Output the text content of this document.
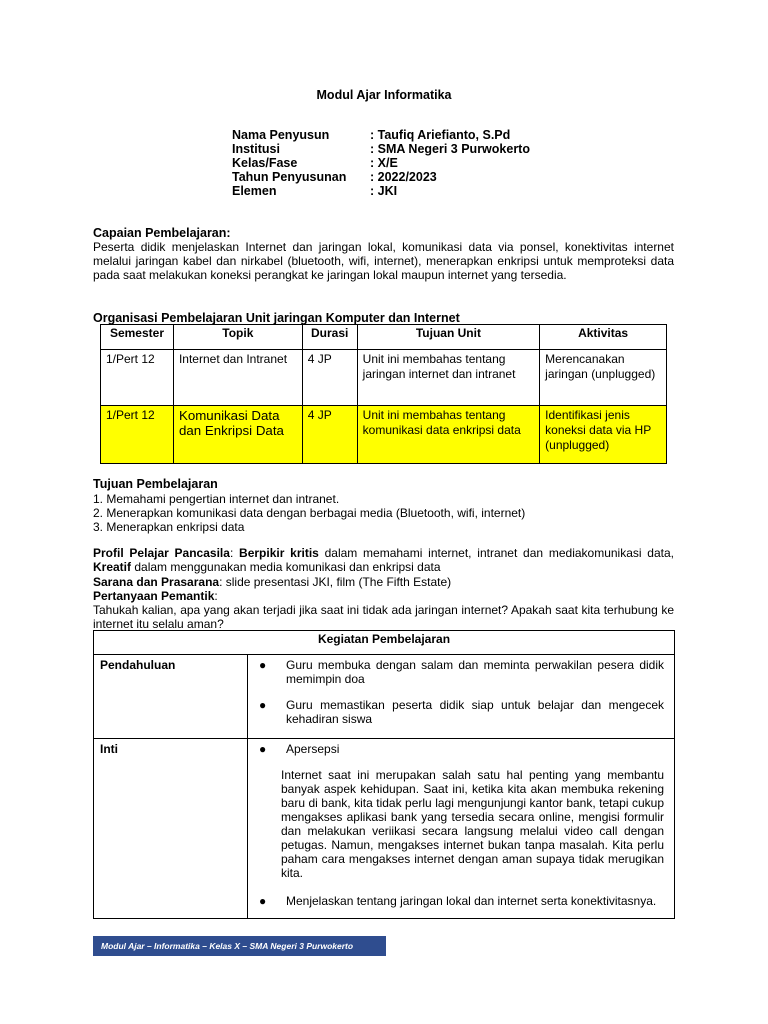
Modul Ajar Informatika
Nama Penyusun	: Taufiq Ariefianto, S.Pd
Institusi	: SMA Negeri 3 Purwokerto
Kelas/Fase	: X/E
Tahun Penyusunan	: 2022/2023
Elemen	: JKI
Capaian Pembelajaran:
Peserta didik menjelaskan Internet dan jaringan lokal, komunikasi data via ponsel, konektivitas internet melalui jaringan kabel dan nirkabel (bluetooth, wifi, internet), menerapkan enkripsi untuk memproteksi data pada saat melakukan koneksi perangkat ke jaringan lokal maupun internet yang tersedia.
Organisasi Pembelajaran Unit jaringan Komputer dan Internet
Semester	Topik	Durasi	Tujuan Unit	Aktivitas
1/Pert 12	Internet dan Intranet	4 JP	Unit ini membahas tentang jaringan internet dan intranet	Merencanakan jaringan (unplugged)
1/Pert 12	Komunikasi Data dan Enkripsi Data	4 JP	Unit ini membahas tentang komunikasi data enkripsi data	Identifikasi jenis koneksi data via HP (unplugged)
Tujuan Pembelajaran
1. Memahami pengertian internet dan intranet.
2. Menerapkan komunikasi data dengan berbagai media (Bluetooth, wifi, internet)
3. Menerapkan enkripsi data
Profil Pelajar Pancasila: Berpikir kritis dalam memahami internet, intranet dan mediakomunikasi data, Kreatif dalam menggunakan media komunikasi dan enkripsi data
Sarana dan Prasarana: slide presentasi JKI, film (The Fifth Estate)
Pertanyaan Pemantik:
Tahukah kalian, apa yang akan terjadi jika saat ini tidak ada jaringan internet? Apakah saat kita terhubung ke internet itu selalu aman?
Kegiatan Pembelajaran	
Pendahuluan	● Guru membuka dengan salam dan meminta perwakilan pesera didik memimpin doa
● Guru memastikan peserta didik siap untuk belajar dan mengecek kehadiran siswa

Inti	● Apersepsi
Internet saat ini merupakan salah satu hal penting yang membantu banyak aspek kehidupan. Saat ini, ketika kita akan membuka rekening baru di bank, kita tidak perlu lagi mengunjungi kantor bank, tetapi cukup mengakses aplikasi bank yang tersedia secara online, mengisi formulir dan melakukan veriikasi secara langsung melalui video call dengan petugas. Namun, mengakses internet bukan tanpa masalah. Kita perlu paham cara mengakses internet dengan aman supaya tidak merugikan kita.
● Menjelaskan tentang jaringan lokal dan internet serta konektivitasnya.
Modul Ajar – Informatika – Kelas X – SMA Negeri 3 Purwokerto
